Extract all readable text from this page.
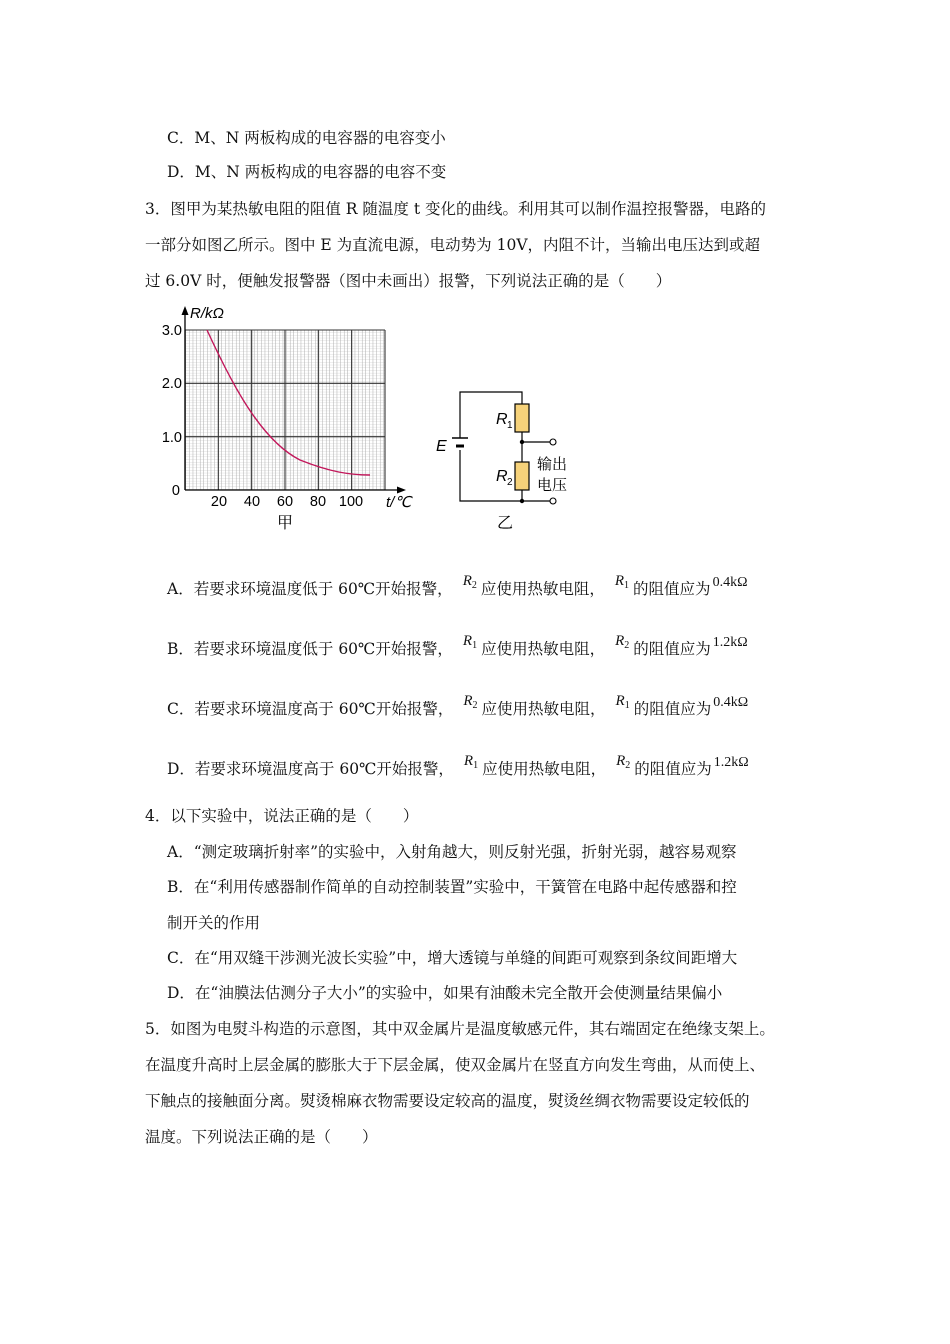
C．M、N 两板构成的电容器的电容变小
D．M、N 两板构成的电容器的电容不变
3．图甲为某热敏电阻的阻值 R 随温度 t 变化的曲线。利用其可以制作温控报警器，电路的
一部分如图乙所示。图中 E 为直流电源，电动势为 10V，内阻不计，当输出电压达到或超
过 6.0V 时，便触发报警器（图中未画出）报警，下列说法正确的是（　　）
R/kΩ
t/℃
3.0
2.0
1.0
0
20 40 60 80 100
甲
E
R 1
R 2
输出
电压
乙
A．若要求环境温度低于 60℃开始报警， R2 应使用热敏电阻， R1 的阻值应为 0.4kΩ
B．若要求环境温度低于 60℃开始报警， R1 应使用热敏电阻， R2 的阻值应为 1.2kΩ
C．若要求环境温度高于 60℃开始报警， R2 应使用热敏电阻， R1 的阻值应为 0.4kΩ
D．若要求环境温度高于 60℃开始报警， R1 应使用热敏电阻， R2 的阻值应为 1.2kΩ
4．以下实验中，说法正确的是（　　）
A．“测定玻璃折射率”的实验中，入射角越大，则反射光强，折射光弱，越容易观察
B．在“利用传感器制作简单的自动控制装置”实验中，干簧管在电路中起传感器和控
制开关的作用
C．在“用双缝干涉测光波长实验”中，增大透镜与单缝的间距可观察到条纹间距增大
D．在“油膜法估测分子大小”的实验中，如果有油酸未完全散开会使测量结果偏小
5．如图为电熨斗构造的示意图，其中双金属片是温度敏感元件，其右端固定在绝缘支架上。
在温度升高时上层金属的膨胀大于下层金属，使双金属片在竖直方向发生弯曲，从而使上、
下触点的接触面分离。熨烫棉麻衣物需要设定较高的温度，熨烫丝绸衣物需要设定较低的
温度。下列说法正确的是（　　）
